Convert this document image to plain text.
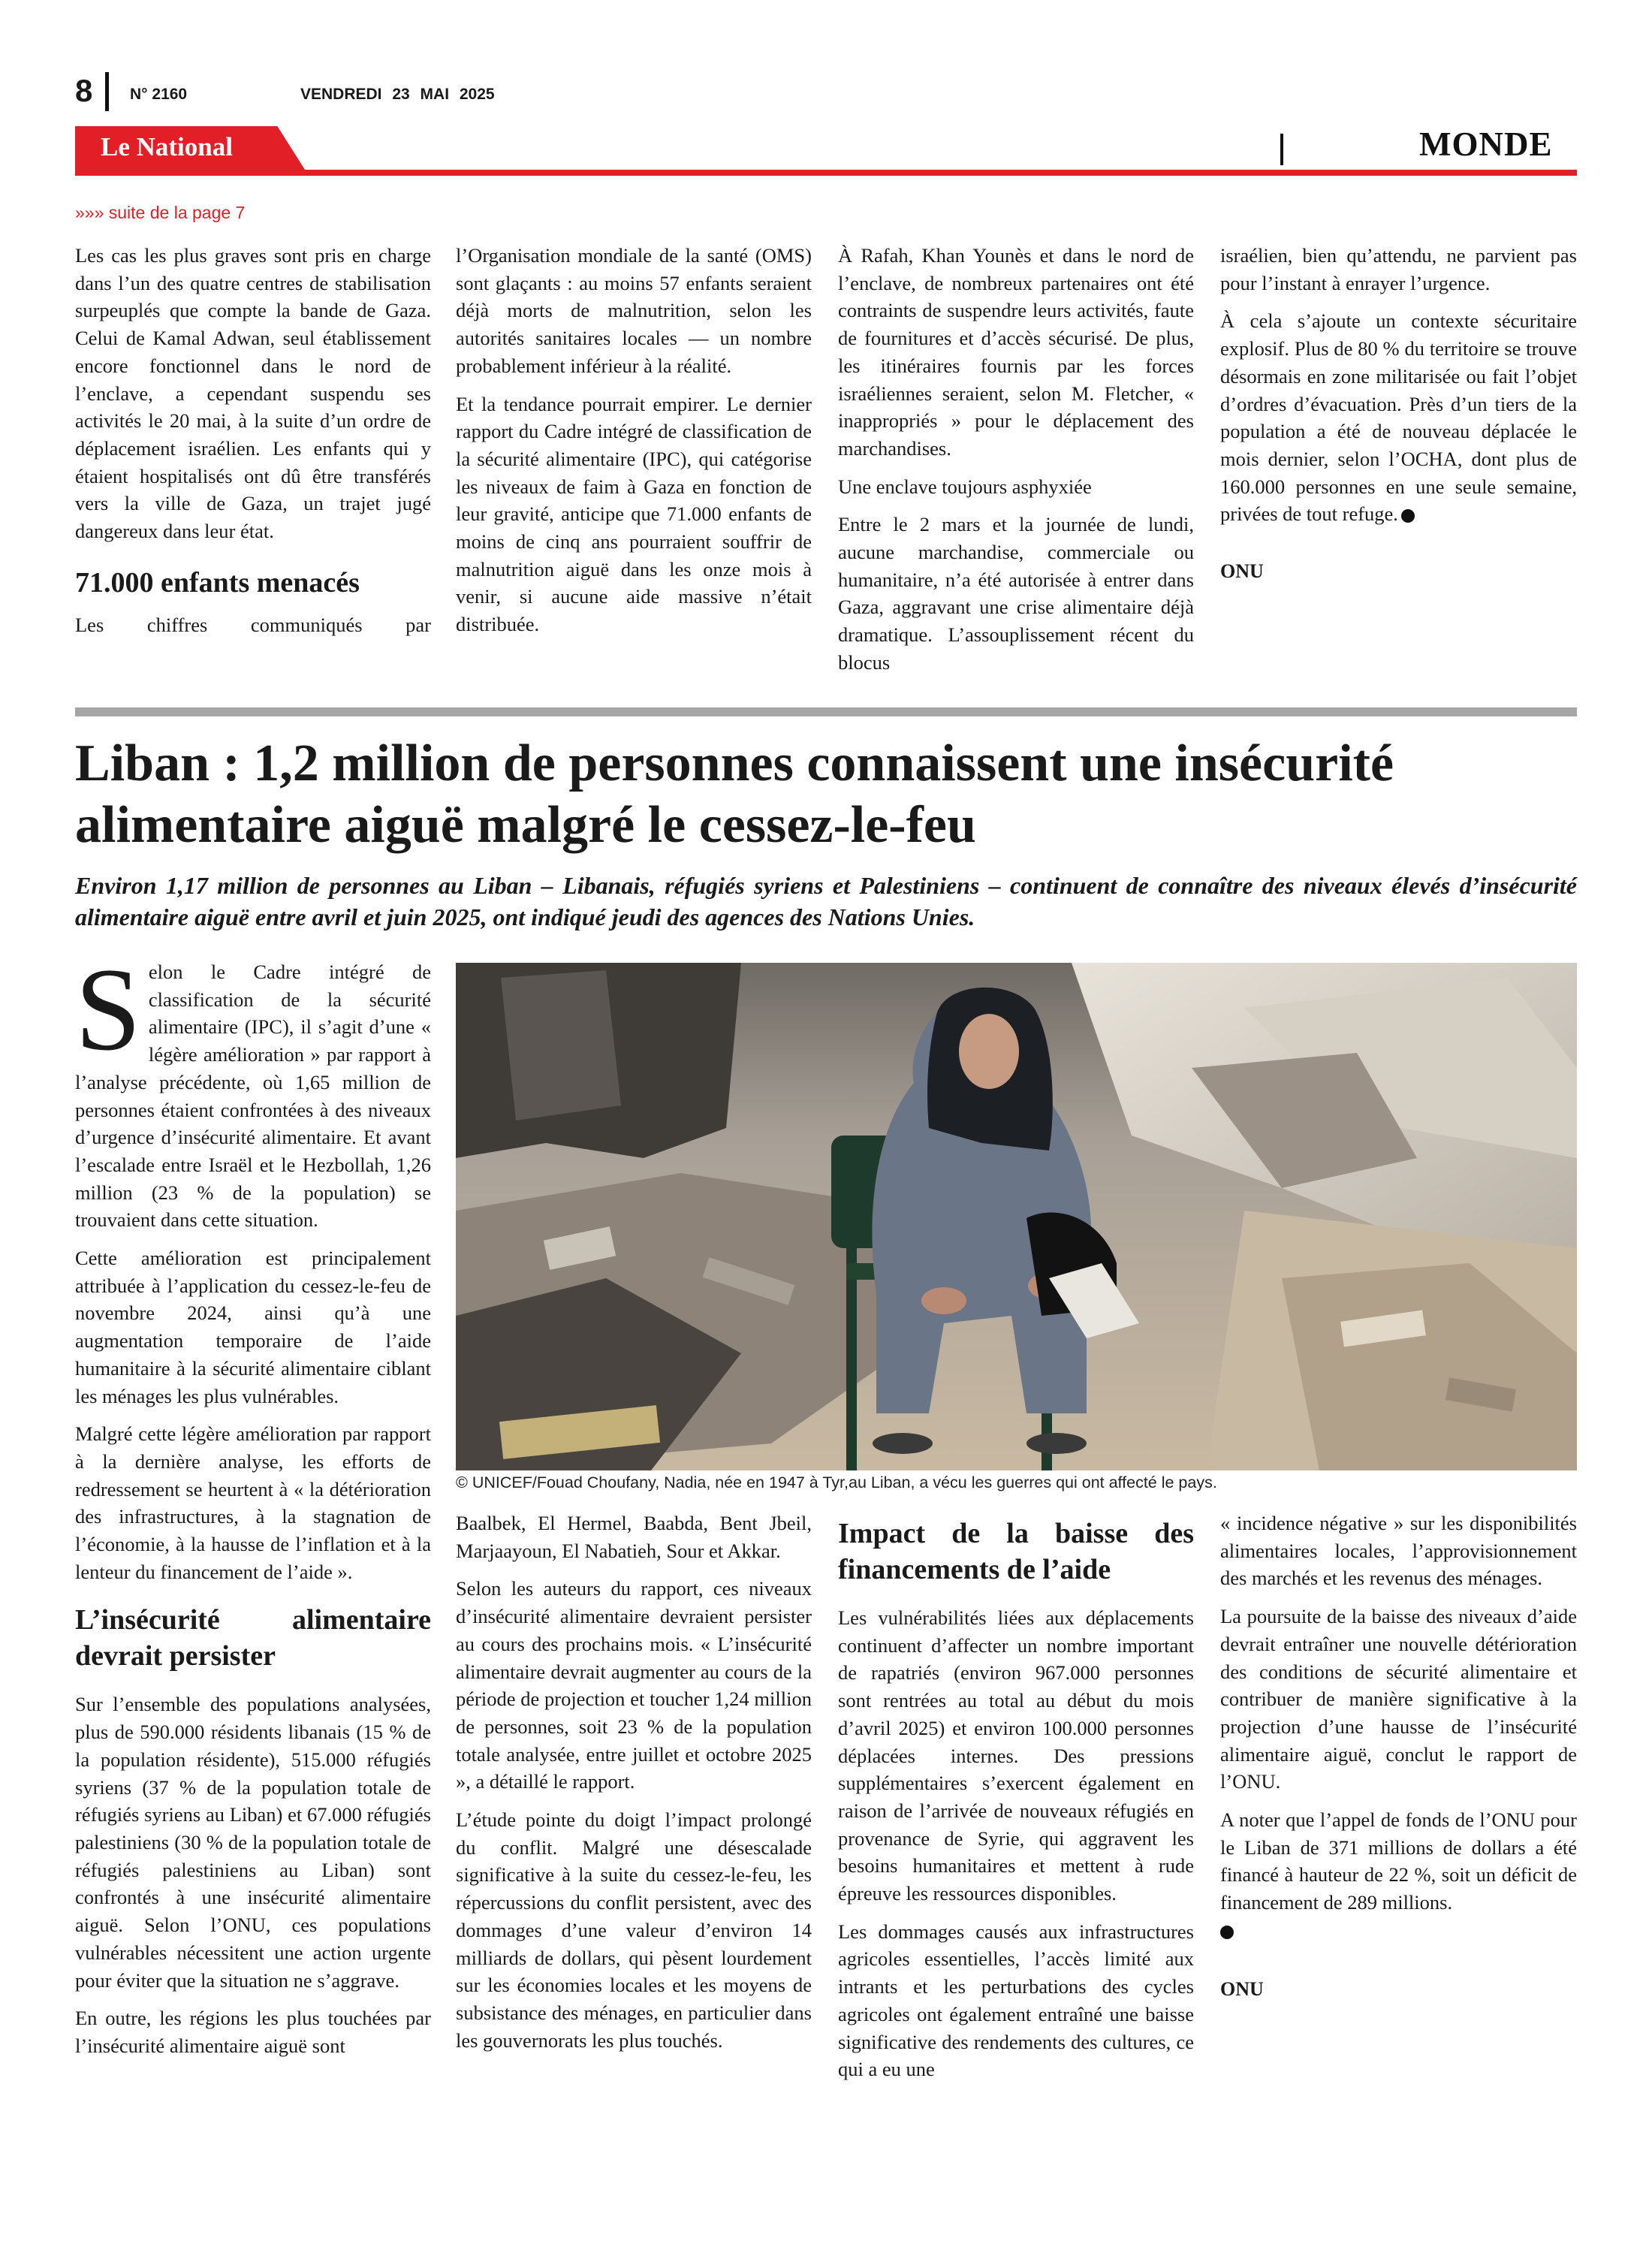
8 N° 2160	VENDREDI 23 MAI 2025
Le National	MONDE
»»» suite de la page 7

Les cas les plus graves sont pris en charge dans l’un des quatre centres de stabilisation surpeuplés que compte la bande de Gaza. Celui de Kamal Adwan, seul établissement encore fonctionnel dans le nord de l’enclave, a cependant suspendu ses activités le 20 mai, à la suite d’un ordre de déplacement israélien. Les enfants qui y étaient hospitalisés ont dû être transférés vers la ville de Gaza, un trajet jugé dangereux dans leur état.

71.000 enfants menacés

Les chiffres communiqués par

l’Organisation mondiale de la santé (OMS) sont glaçants : au moins 57 enfants seraient déjà morts de malnutrition, selon les autorités sanitaires locales — un nombre probablement inférieur à la réalité.

Et la tendance pourrait empirer. Le dernier rapport du Cadre intégré de classification de la sécurité alimentaire (IPC), qui catégorise les niveaux de faim à Gaza en fonction de leur gravité, anticipe que 71.000 enfants de moins de cinq ans pourraient souffrir de malnutrition aiguë dans les onze mois à venir, si aucune aide massive n’était distribuée.

À Rafah, Khan Younès et dans le nord de l’enclave, de nombreux partenaires ont été contraints de suspendre leurs activités, faute de fournitures et d’accès sécurisé. De plus, les itinéraires fournis par les forces israéliennes seraient, selon M. Fletcher, « inappropriés » pour le déplacement des marchandises.

Une enclave toujours asphyxiée

Entre le 2 mars et la journée de lundi, aucune marchandise, commerciale ou humanitaire, n’a été autorisée à entrer dans Gaza, aggravant une crise alimentaire déjà dramatique. L’assouplissement récent du blocus

israélien, bien qu’attendu, ne parvient pas pour l’instant à enrayer l’urgence.

À cela s’ajoute un contexte sécuritaire explosif. Plus de 80 % du territoire se trouve désormais en zone militarisée ou fait l’objet d’ordres d’évacuation. Près d’un tiers de la population a été de nouveau déplacée le mois dernier, selon l’OCHA, dont plus de 160.000 personnes en une seule semaine, privées de tout refuge.

ONU

Liban : 1,2 million de personnes connaissent une insécurité alimentaire aiguë malgré le cessez-le-feu

Environ 1,17 million de personnes au Liban – Libanais, réfugiés syriens et Palestiniens – continuent de connaître des niveaux élevés d’insécurité alimentaire aiguë entre avril et juin 2025, ont indiqué jeudi des agences des Nations Unies.

Selon le Cadre intégré de classification de la sécurité alimentaire (IPC), il s’agit d’une « légère amélioration » par rapport à l’analyse précédente, où 1,65 million de personnes étaient confrontées à des niveaux d’urgence d’insécurité alimentaire. Et avant l’escalade entre Israël et le Hezbollah, 1,26 million (23 % de la population) se trouvaient dans cette situation.

Cette amélioration est principalement attribuée à l’application du cessez-le-feu de novembre 2024, ainsi qu’à une augmentation temporaire de l’aide humanitaire à la sécurité alimentaire ciblant les ménages les plus vulnérables.

Malgré cette légère amélioration par rapport à la dernière analyse, les efforts de redressement se heurtent à « la détérioration des infrastructures, à la stagnation de l’économie, à la hausse de l’inflation et à la lenteur du financement de l’aide ».

L’insécurité alimentaire devrait persister

Sur l’ensemble des populations analysées, plus de 590.000 résidents libanais (15 % de la population résidente), 515.000 réfugiés syriens (37 % de la population totale de réfugiés syriens au Liban) et 67.000 réfugiés palestiniens (30 % de la population totale de réfugiés palestiniens au Liban) sont confrontés à une insécurité alimentaire aiguë. Selon l’ONU, ces populations vulnérables nécessitent une action urgente pour éviter que la situation ne s’aggrave.

En outre, les régions les plus touchées par l’insécurité alimentaire aiguë sont

© UNICEF/Fouad Choufany, Nadia, née en 1947 à Tyr,au Liban, a vécu les guerres qui ont affecté le pays.

Baalbek, El Hermel, Baabda, Bent Jbeil, Marjaayoun, El Nabatieh, Sour et Akkar.

Selon les auteurs du rapport, ces niveaux d’insécurité alimentaire devraient persister au cours des prochains mois. « L’insécurité alimentaire devrait augmenter au cours de la période de projection et toucher 1,24 million de personnes, soit 23 % de la population totale analysée, entre juillet et octobre 2025 », a détaillé le rapport.

L’étude pointe du doigt l’impact prolongé du conflit. Malgré une désescalade significative à la suite du cessez-le-feu, les répercussions du conflit persistent, avec des dommages d’une valeur d’environ 14 milliards de dollars, qui pèsent lourdement sur les économies locales et les moyens de subsistance des ménages, en particulier dans les gouvernorats les plus touchés.

Impact de la baisse des financements de l’aide

Les vulnérabilités liées aux déplacements continuent d’affecter un nombre important de rapatriés (environ 967.000 personnes sont rentrées au total au début du mois d’avril 2025) et environ 100.000 personnes déplacées internes. Des pressions supplémentaires s’exercent également en raison de l’arrivée de nouveaux réfugiés en provenance de Syrie, qui aggravent les besoins humanitaires et mettent à rude épreuve les ressources disponibles.

Les dommages causés aux infrastructures agricoles essentielles, l’accès limité aux intrants et les perturbations des cycles agricoles ont également entraîné une baisse significative des rendements des cultures, ce qui a eu une

« incidence négative » sur les disponibilités alimentaires locales, l’approvisionnement des marchés et les revenus des ménages.

La poursuite de la baisse des niveaux d’aide devrait entraîner une nouvelle détérioration des conditions de sécurité alimentaire et contribuer de manière significative à la projection d’une hausse de l’insécurité alimentaire aiguë, conclut le rapport de l’ONU.

A noter que l’appel de fonds de l’ONU pour le Liban de 371 millions de dollars a été financé à hauteur de 22 %, soit un déficit de financement de 289 millions.

ONU
